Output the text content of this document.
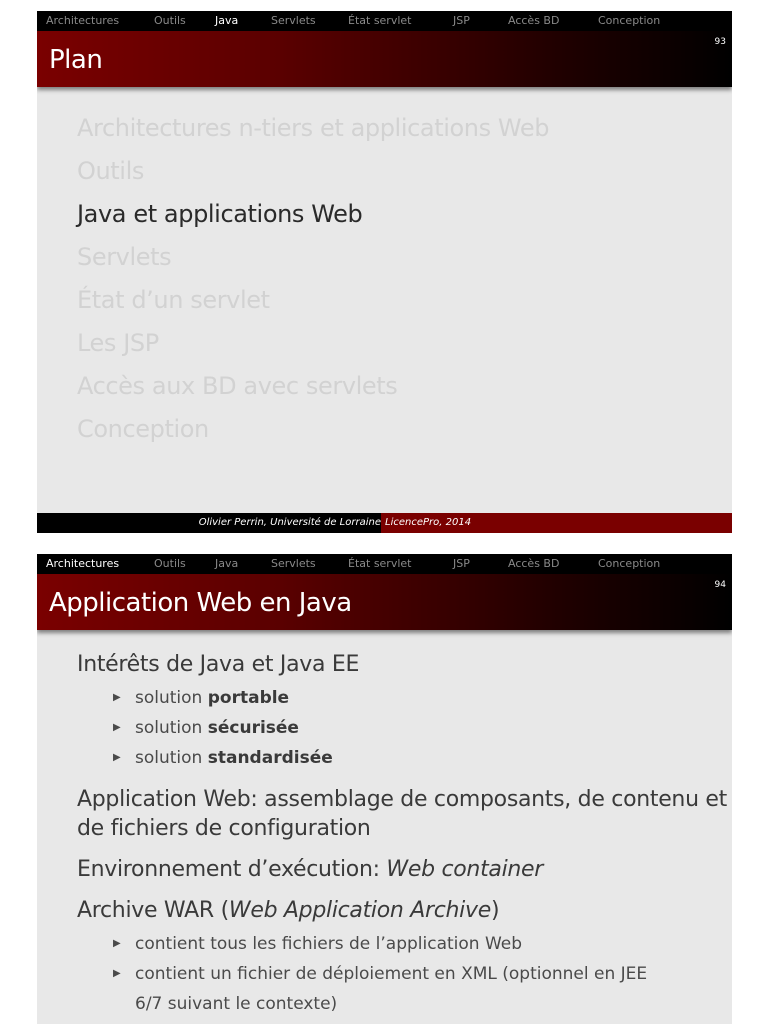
Architectures	Outils	Java	Servlets	État servlet	JSP	Accès BD	Conception
Plan
93
Architectures n-tiers et applications Web
Outils
Java et applications Web
Servlets
État d’un servlet
Les JSP
Accès aux BD avec servlets
Conception
Olivier Perrin, Université de Lorraine LicencePro, 2014
Architectures	Outils	Java	Servlets	État servlet	JSP	Accès BD	Conception
Application Web en Java
94
Intérêts de Java et Java EE
▶ solution portable
▶ solution sécurisée
▶ solution standardisée
Application Web: assemblage de composants, de contenu et de fichiers de configuration
Environnement d’exécution: Web container
Archive WAR (Web Application Archive)
▶ contient tous les fichiers de l’application Web
▶ contient un fichier de déploiement en XML (optionnel en JEE
6/7 suivant le contexte)
